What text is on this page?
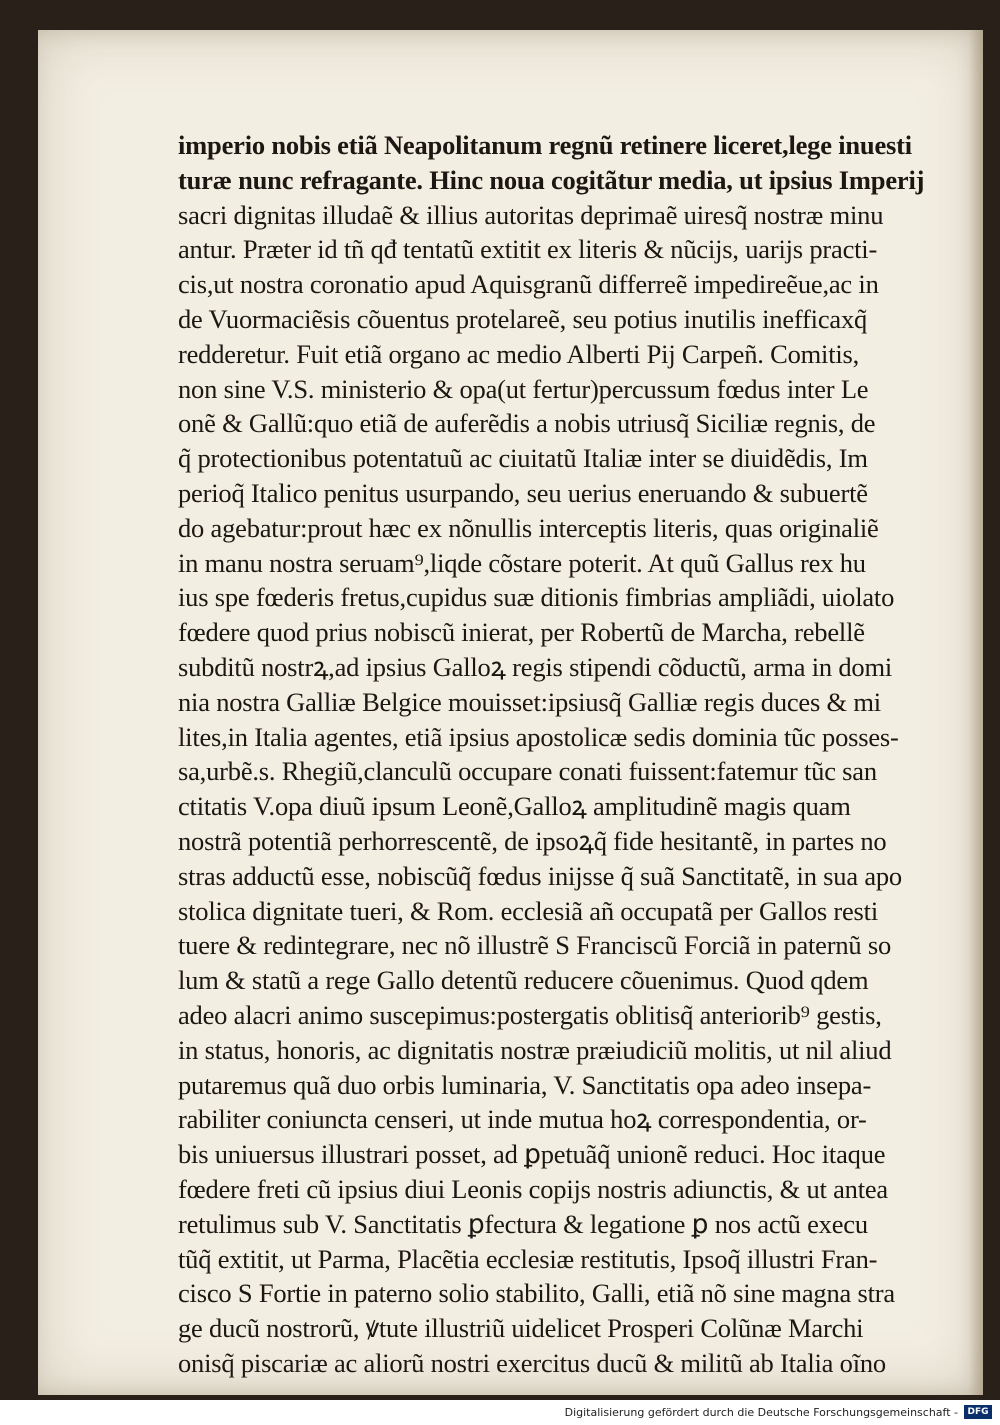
imperio nobis etiã Neapolitanum regnũ retinere liceret,lege inuesti
turæ nunc refragante. Hinc noua cogitãtur media, ut ipsius Imperij
sacri dignitas illudaẽ & illius autoritas deprimaẽ uiresq̃ nostræ minu
antur. Præter id tñ qđ tentatũ extitit ex literis & nũcijs, uarijs practi-
cis,ut nostra coronatio apud Aquisgranũ differreẽ impedireẽue,ac in
de Vuormaciẽsis cõuentus protelareẽ, seu potius inutilis inefficaxq̃
redderetur. Fuit etiã organo ac medio Alberti Pij Carpeñ. Comitis,
non sine V.S. ministerio & opa(ut fertur)percussum fœdus inter Le
onẽ & Gallũ:quo etiã de auferẽdis a nobis utriusq̃ Siciliæ regnis, de
q̃ protectionibus potentatuũ ac ciuitatũ Italiæ inter se diuidẽdis, Im
perioq̃ Italico penitus usurpando, seu uerius eneruando & subuertẽ
do agebatur:prout hæc ex nõnullis interceptis literis, quas originaliẽ
in manu nostra seruam⁹,liqde cõstare poterit. At quũ Gallus rex hu
ius spe fœderis fretus,cupidus suæ ditionis fimbrias ampliãdi, uiolato
fœdere quod prius nobiscũ inierat, per Robertũ de Marcha, rebellẽ
subditũ nostrꝝ,ad ipsius Galloꝝ regis stipendi cõductũ, arma in domi
nia nostra Galliæ Belgice mouisset:ipsiusq̃ Galliæ regis duces & mi
lites,in Italia agentes, etiã ipsius apostolicæ sedis dominia tũc posses-
sa,urbẽ.s. Rhegiũ,clanculũ occupare conati fuissent:fatemur tũc san
ctitatis V.opa diuũ ipsum Leonẽ,Galloꝝ amplitudinẽ magis quam
nostrã potentiã perhorrescentẽ, de ipsoꝝq̃ fide hesitantẽ, in partes no
stras adductũ esse, nobiscũq̃ fœdus inijsse q̃ suã Sanctitatẽ, in sua apo
stolica dignitate tueri, & Rom. ecclesiã añ occupatã per Gallos resti
tuere & redintegrare, nec nõ illustrẽ S Franciscũ Forciã in paternũ so
lum & statũ a rege Gallo detentũ reducere cõuenimus. Quod qdem
adeo alacri animo suscepimus:postergatis oblitisq̃ anteriorib⁹ gestis,
in status, honoris, ac dignitatis nostræ præiudiciũ molitis, ut nil aliud
putaremus quã duo orbis luminaria, V. Sanctitatis opa adeo insepa-
rabiliter coniuncta censeri, ut inde mutua hoꝝ correspondentia, or-
bis uniuersus illustrari posset, ad ꝑpetuãq̃ unionẽ reduci. Hoc itaque
fœdere freti cũ ipsius diui Leonis copijs nostris adiunctis, & ut antea
retulimus sub V. Sanctitatis ꝑfectura & legatione ꝑ nos actũ execu
tũq̃ extitit, ut Parma, Placẽtia ecclesiæ restitutis, Ipsoq̃ illustri Fran-
cisco S Fortie in paterno solio stabilito, Galli, etiã nõ sine magna stra
ge ducũ nostrorũ, ꝟtute illustriũ uidelicet Prosperi Colũnæ Marchi
onisq̃ piscariæ ac aliorũ nostri exercitus ducũ & militũ ab Italia oĩno
Digitalisierung gefördert durch die Deutsche Forschungsgemeinschaft -	DFG
